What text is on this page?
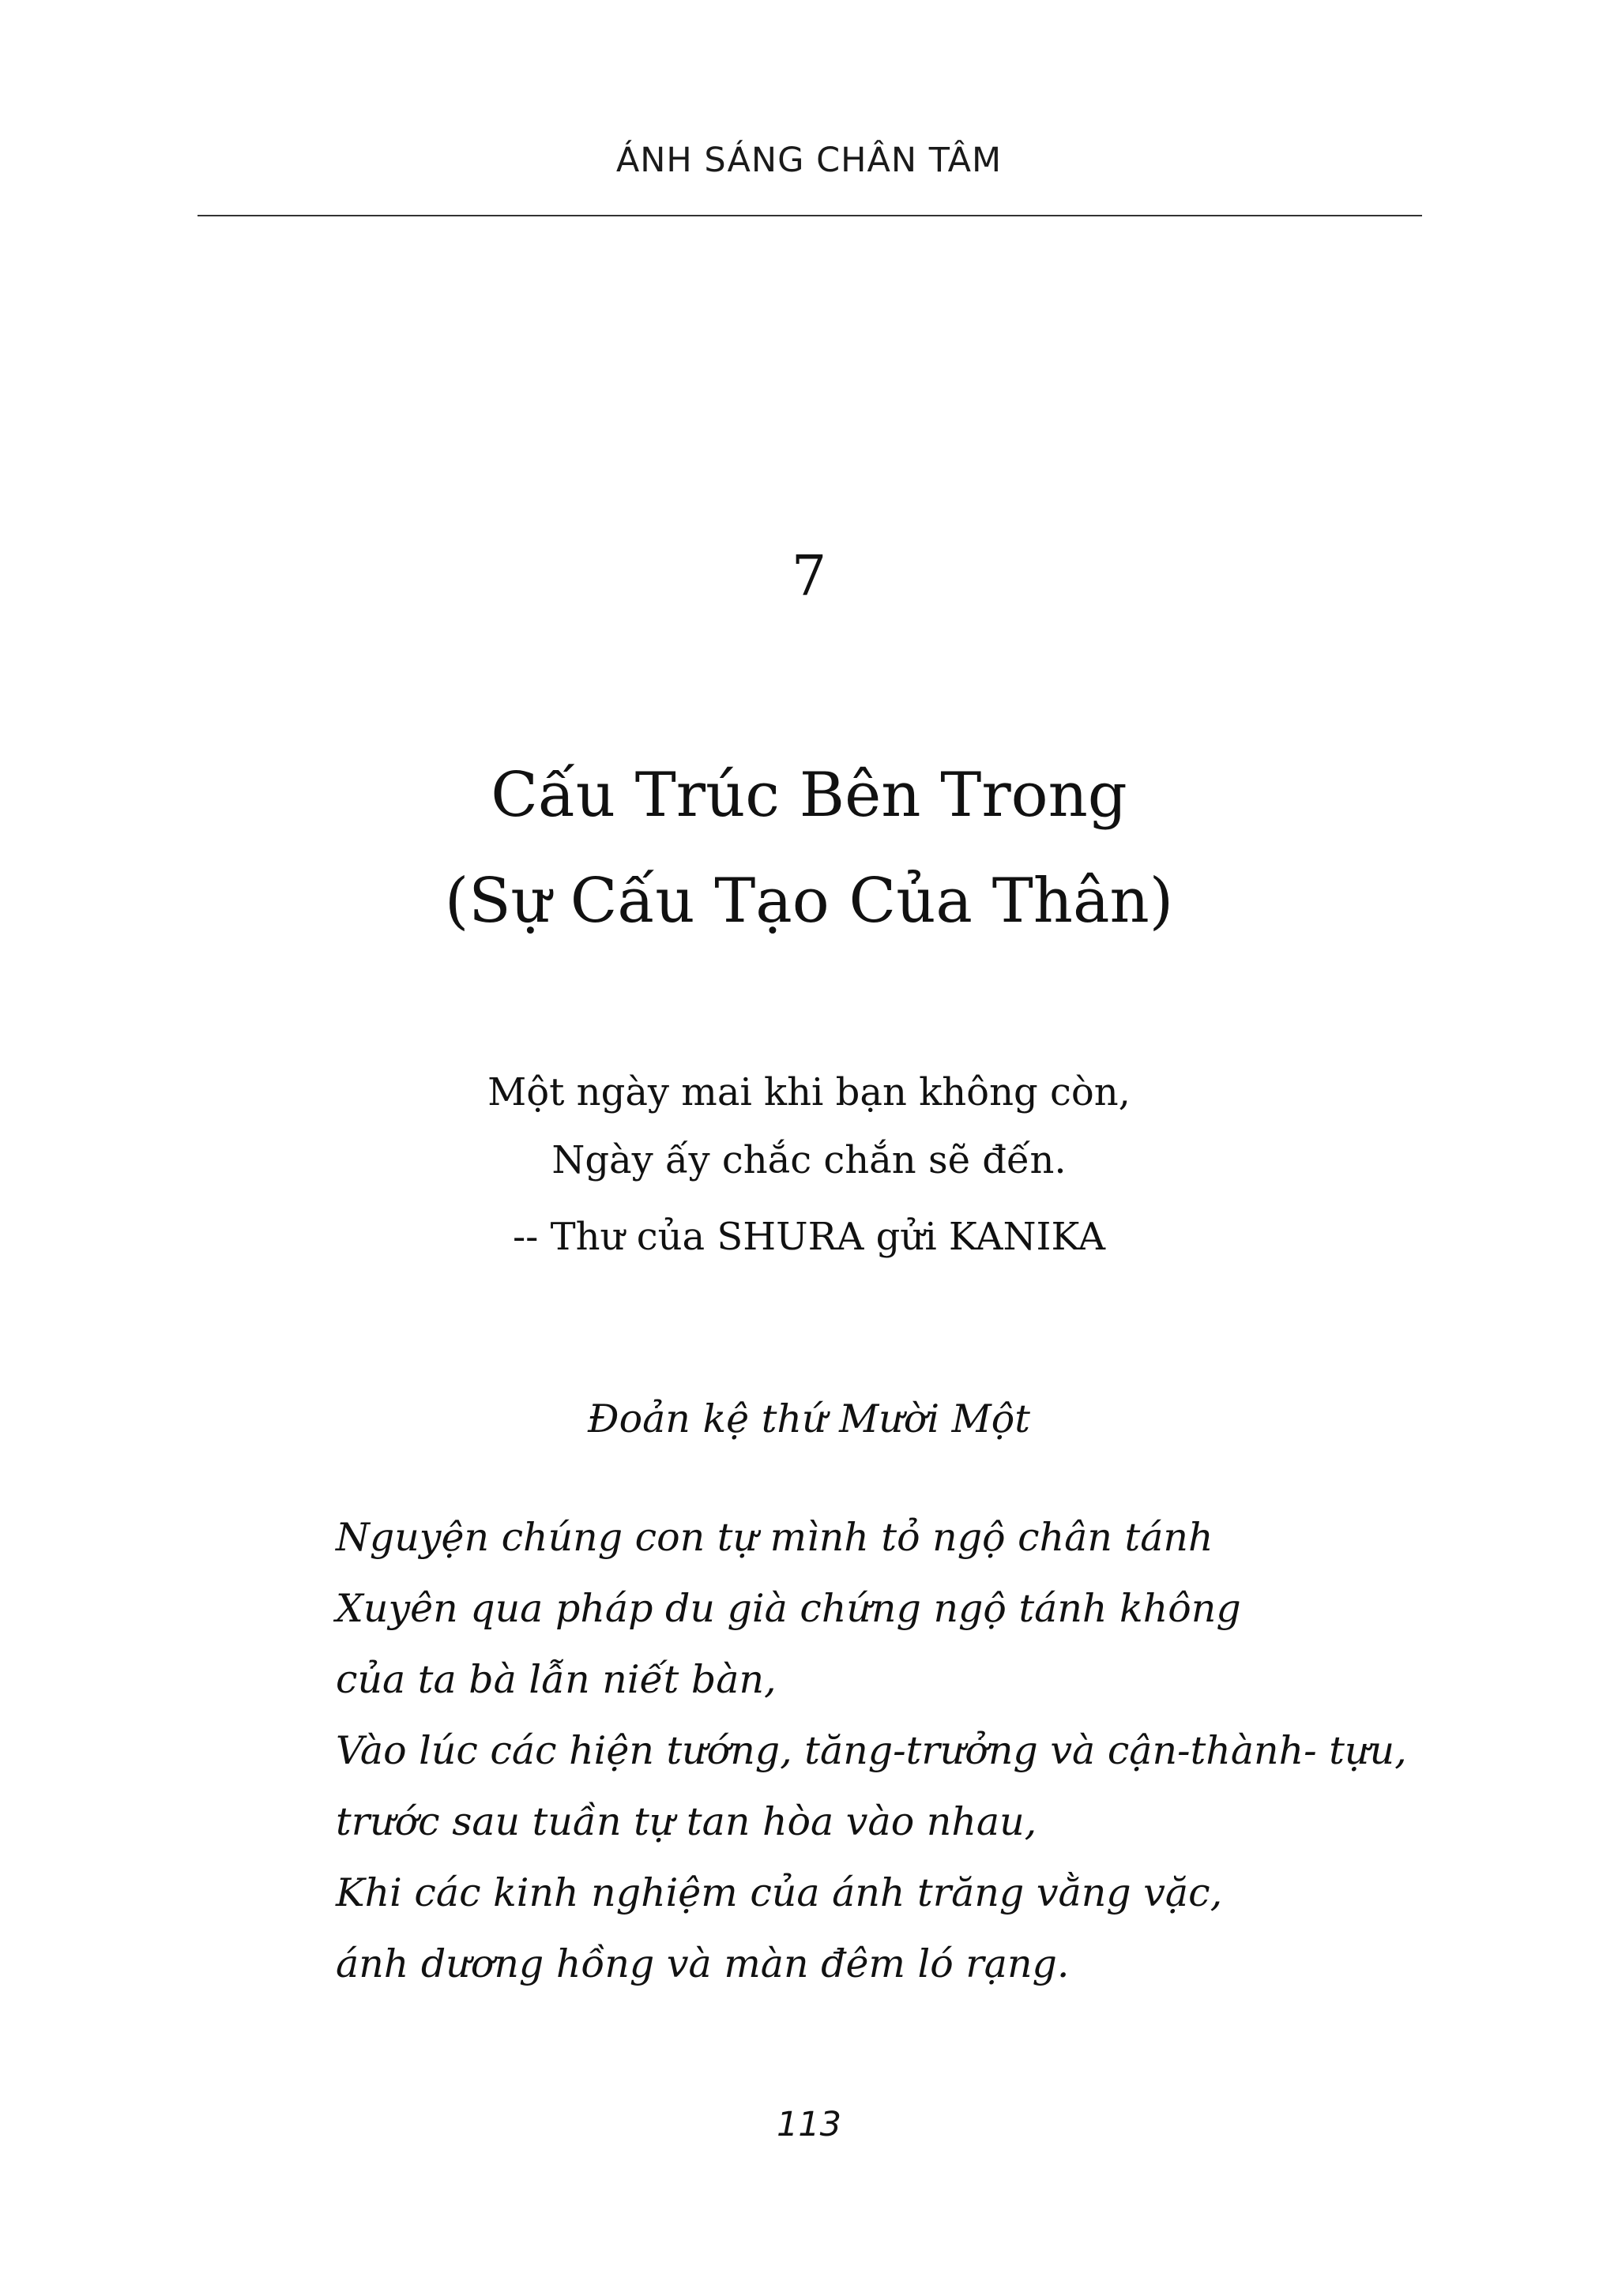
ÁNH SÁNG CHÂN TÂM
7
Cấu Trúc Bên Trong
(Sự Cấu Tạo Của Thân)
Một ngày mai khi bạn không còn,
Ngày ấy chắc chắn sẽ đến.
-- Thư của SHURA gửi KANIKA
Đoản kệ thứ Mười Một
Nguyện chúng con tự mình tỏ ngộ chân tánh
Xuyên qua pháp du già chứng ngộ tánh không
của ta bà lẫn niết bàn,
Vào lúc các hiện tướng, tăng-trưởng và cận-thành- tựu,
trước sau tuần tự tan hòa vào nhau,
Khi các kinh nghiệm của ánh trăng vằng vặc,
ánh dương hồng và màn đêm ló rạng.
113
